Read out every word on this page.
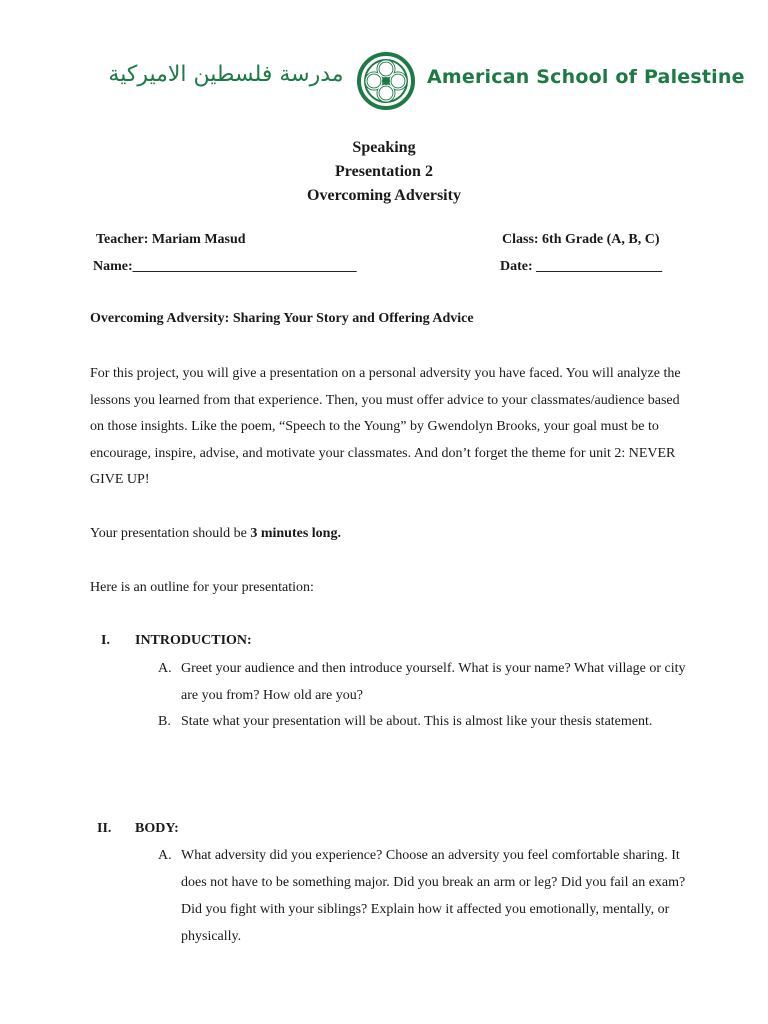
مدرسة فلسطين الاميركية	American School of Palestine
Speaking
Presentation 2
Overcoming Adversity
Teacher: Mariam Masud	Class: 6th Grade (A, B, C)
Name:________________________________	Date: __________________
Overcoming Adversity: Sharing Your Story and Offering Advice
For this project, you will give a presentation on a personal adversity you have faced. You will analyze the lessons you learned from that experience. Then, you must offer advice to your classmates/audience based on those insights. Like the poem, “Speech to the Young” by Gwendolyn Brooks, your goal must be to encourage, inspire, advise, and motivate your classmates. And don’t forget the theme for unit 2: NEVER GIVE UP!
Your presentation should be 3 minutes long.
Here is an outline for your presentation:
I. INTRODUCTION:
A. Greet your audience and then introduce yourself. What is your name? What village or city are you from? How old are you?
B. State what your presentation will be about. This is almost like your thesis statement.
II. BODY:
A. What adversity did you experience? Choose an adversity you feel comfortable sharing. It does not have to be something major. Did you break an arm or leg? Did you fail an exam? Did you fight with your siblings? Explain how it affected you emotionally, mentally, or physically.
